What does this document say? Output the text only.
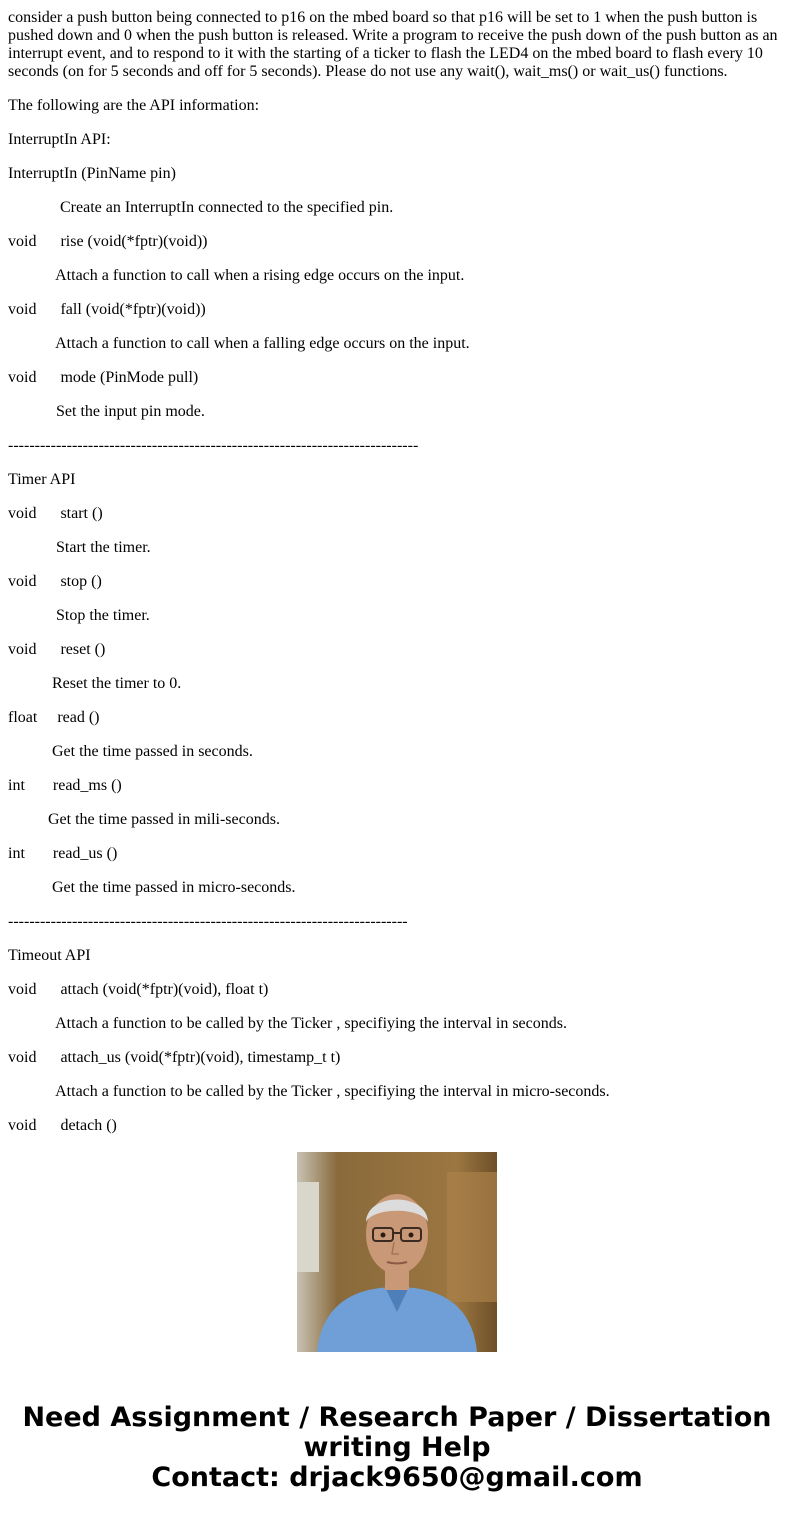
consider a push button being connected to p16 on the mbed board so that p16 will be set to 1 when the push button is pushed down and 0 when the push button is released. Write a program to receive the push down of the push button as an interrupt event, and to respond to it with the starting of a ticker to flash the LED4 on the mbed board to flash every 10 seconds (on for 5 seconds and off for 5 seconds). Please do not use any wait(), wait_ms() or wait_us() functions.

The following are the API information:

InterruptIn API:

InterruptIn (PinName pin)

Create an InterruptIn connected to the specified pin.

void      rise (void(*fptr)(void))

Attach a function to call when a rising edge occurs on the input.

void      fall (void(*fptr)(void))

Attach a function to call when a falling edge occurs on the input.

void      mode (PinMode pull)

Set the input pin mode.

-----------------------------------------------------------------------------

Timer API

void      start ()

Start the timer.

void      stop ()

Stop the timer.

void      reset ()

Reset the timer to 0.

float     read ()

Get the time passed in seconds.

int       read_ms ()

Get the time passed in mili-seconds.

int       read_us ()

Get the time passed in micro-seconds.

---------------------------------------------------------------------------

Timeout API

void      attach (void(*fptr)(void), float t)

Attach a function to be called by the Ticker , specifiying the interval in seconds.

void      attach_us (void(*fptr)(void), timestamp_t t)

Attach a function to be called by the Ticker , specifiying the interval in micro-seconds.

void      detach ()

Need Assignment / Research Paper / Dissertation
writing Help
Contact: drjack9650@gmail.com
